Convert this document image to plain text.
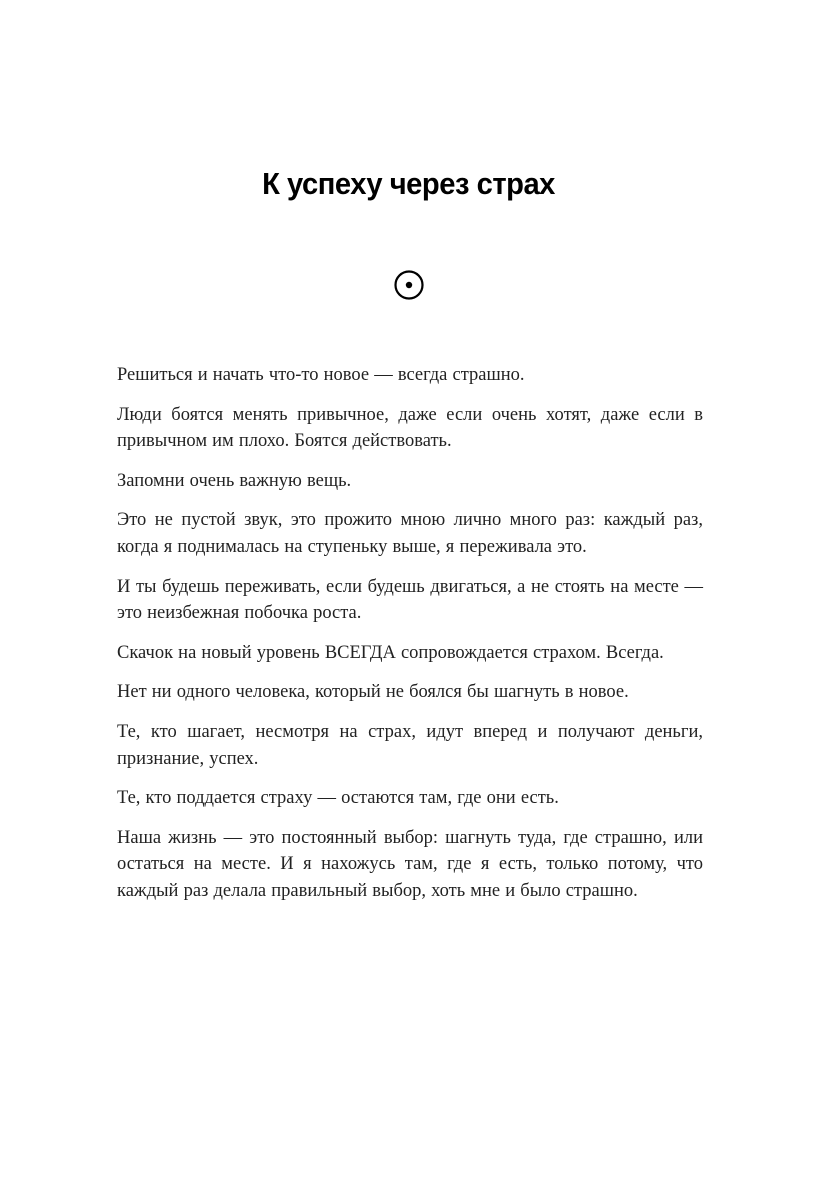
К успеху через страх

Решиться и начать что-то новое — всегда страшно.

Люди боятся менять привычное, даже если очень хотят, даже если в привычном им плохо. Боятся действовать.

Запомни очень важную вещь.

Это не пустой звук, это прожито мною лично много раз: каждый раз, когда я поднималась на ступеньку выше, я переживала это.

И ты будешь переживать, если будешь двигаться, а не стоять на месте — это неизбежная побочка роста.

Скачок на новый уровень ВСЕГДА сопровождается страхом. Всегда.

Нет ни одного человека, который не боялся бы шагнуть в новое.

Те, кто шагает, несмотря на страх, идут вперед и получают деньги, признание, успех.

Те, кто поддается страху — остаются там, где они есть.

Наша жизнь — это постоянный выбор: шагнуть туда, где страшно, или остаться на месте. И я нахожусь там, где я есть, только потому, что каждый раз делала правильный выбор, хоть мне и было страшно.
